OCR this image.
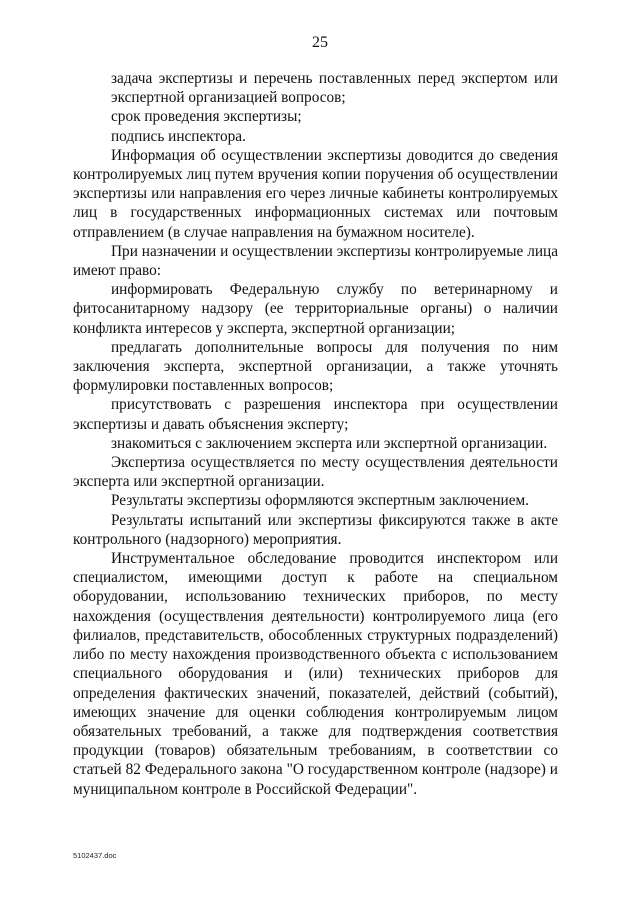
25

задача экспертизы и перечень поставленных перед экспертом или экспертной организацией вопросов;

срок проведения экспертизы;

подпись инспектора.

Информация об осуществлении экспертизы доводится до сведения контролируемых лиц путем вручения копии поручения об осуществлении экспертизы или направления его через личные кабинеты контролируемых лиц в государственных информационных системах или почтовым отправлением (в случае направления на бумажном носителе).

При назначении и осуществлении экспертизы контролируемые лица имеют право:

информировать Федеральную службу по ветеринарному и фитосанитарному надзору (ее территориальные органы) о наличии конфликта интересов у эксперта, экспертной организации;

предлагать дополнительные вопросы для получения по ним заключения эксперта, экспертной организации, а также уточнять формулировки поставленных вопросов;

присутствовать с разрешения инспектора при осуществлении экспертизы и давать объяснения эксперту;

знакомиться с заключением эксперта или экспертной организации.

Экспертиза осуществляется по месту осуществления деятельности эксперта или экспертной организации.

Результаты экспертизы оформляются экспертным заключением.

Результаты испытаний или экспертизы фиксируются также в акте контрольного (надзорного) мероприятия.

Инструментальное обследование проводится инспектором или специалистом, имеющими доступ к работе на специальном оборудовании, использованию технических приборов, по месту нахождения (осуществления деятельности) контролируемого лица (его филиалов, представительств, обособленных структурных подразделений) либо по месту нахождения производственного объекта с использованием специального оборудования и (или) технических приборов для определения фактических значений, показателей, действий (событий), имеющих значение для оценки соблюдения контролируемым лицом обязательных требований, а также для подтверждения соответствия продукции (товаров) обязательным требованиям, в соответствии со статьей 82 Федерального закона "О государственном контроле (надзоре) и муниципальном контроле в Российской Федерации".

5102437.doc
